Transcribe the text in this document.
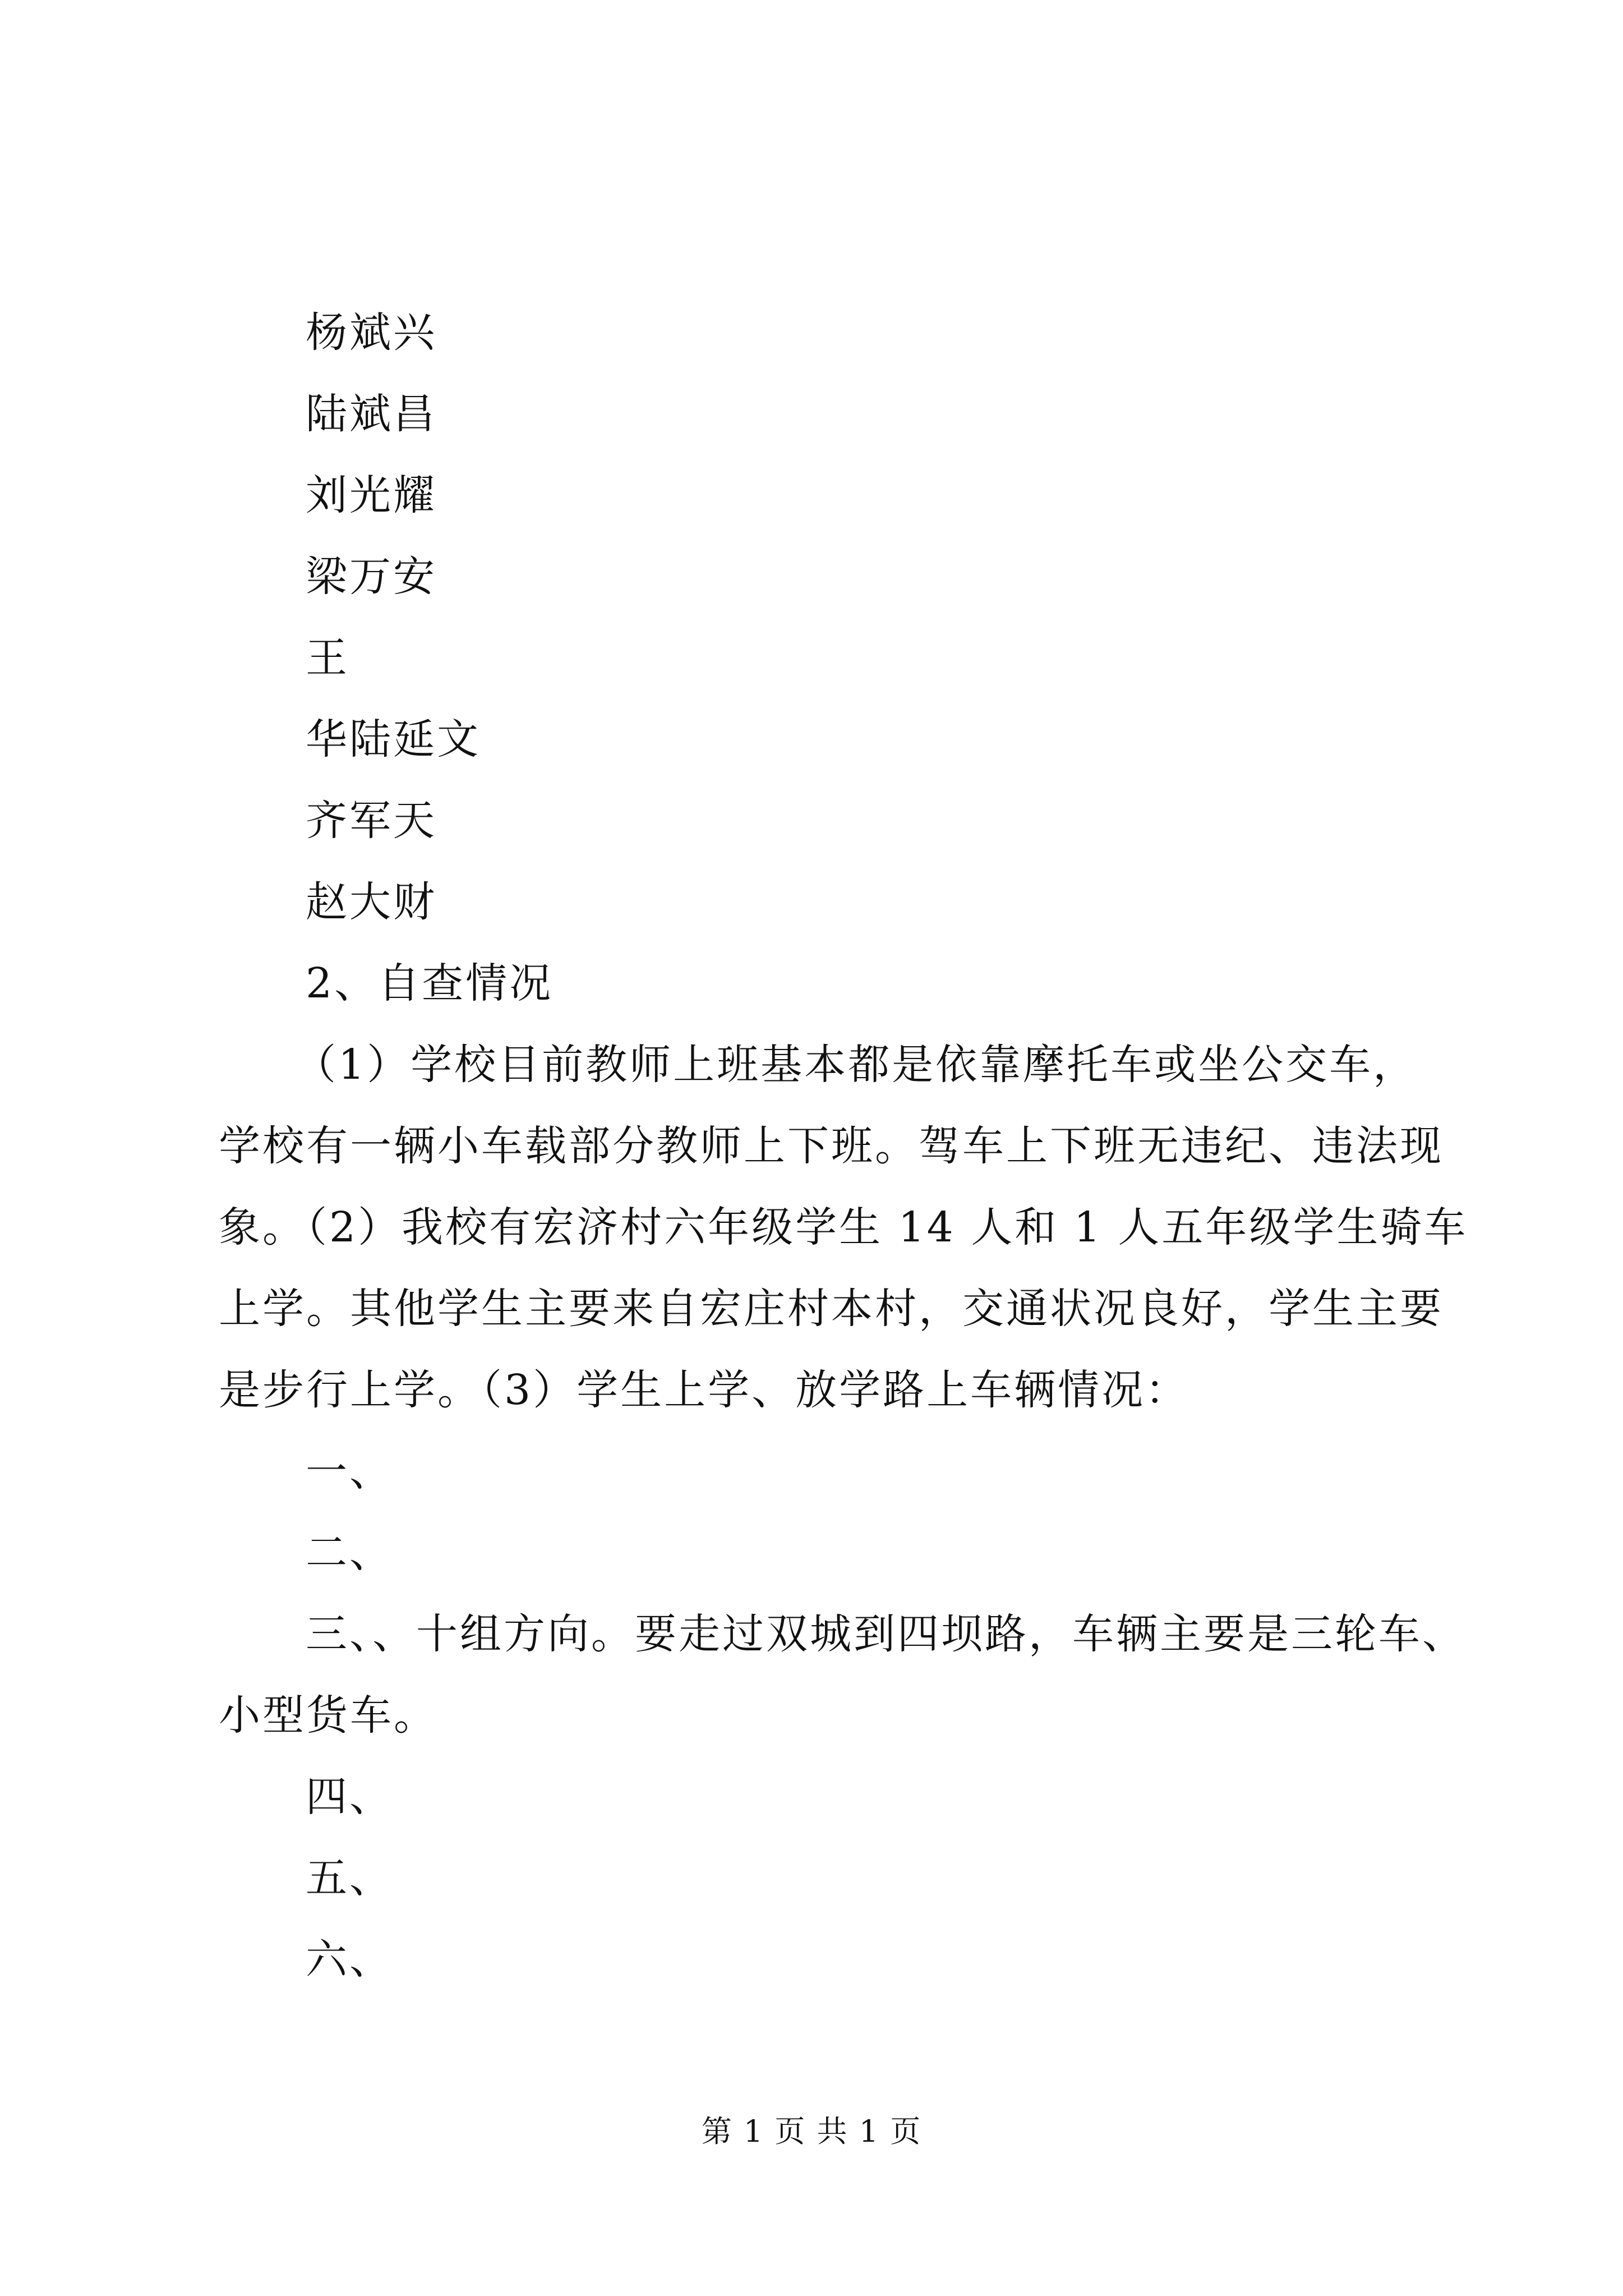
杨斌兴
陆斌昌
刘光耀
梁万安
王
华陆延文
齐军天
赵大财
2、自查情况
（1）学校目前教师上班基本都是依靠摩托车或坐公交车，
学校有一辆小车载部分教师上下班。驾车上下班无违纪、违法现
象。（2）我校有宏济村六年级学生 14 人和 1 人五年级学生骑车
上学。其他学生主要来自宏庄村本村，交通状况良好，学生主要
是步行上学。（3）学生上学、放学路上车辆情况：
一、
二、
三、、十组方向。要走过双城到四坝路，车辆主要是三轮车、
小型货车。
四、
五、
六、
第 1 页 共 1 页
